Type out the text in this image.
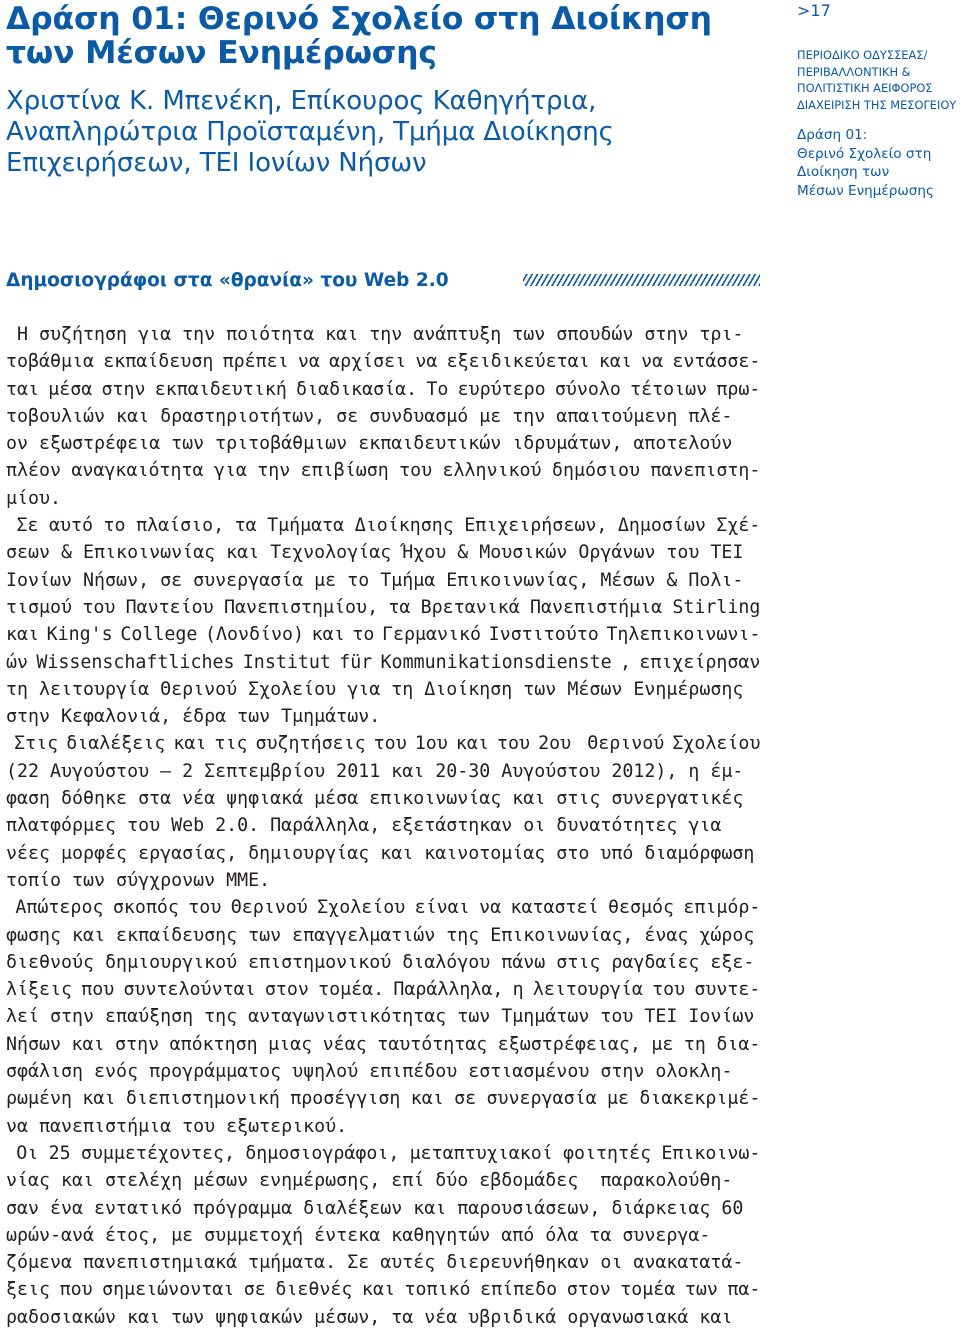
Δράση 01: Θερινό Σχολείο στη Διοίκηση
των Μέσων Ενημέρωσης
Χριστίνα Κ. Μπενέκη, Επίκουρος Καθηγήτρια,
Αναπληρώτρια Προϊσταμένη, Τμήμα Διοίκησης
Επιχειρήσεων, ΤΕΙ Ιονίων Νήσων
>17
ΠΕΡΙΟΔΙΚΟ ΟΔΥΣΣΕΑΣ/
ΠΕΡΙΒΑΛΛΟΝΤΙΚΗ &
ΠΟΛΙΤΙΣΤΙΚΗ ΑΕΙΦΟΡΟΣ
ΔΙΑΧΕΙΡΙΣΗ ΤΗΣ ΜΕΣΟΓΕΙΟΥ
Δράση 01:
Θερινό Σχολείο στη
Διοίκηση των
Μέσων Ενημέρωσης
Δημοσιογράφοι στα «θρανία» του Web 2.0
Η συζήτηση για την ποιότητα και την ανάπτυξη των σπουδών στην τρι-
τοβάθμια εκπαίδευση πρέπει να αρχίσει να εξειδικεύεται και να εντάσσε-
ται μέσα στην εκπαιδευτική διαδικασία. Το ευρύτερο σύνολο τέτοιων πρω-
τοβουλιών και δραστηριοτήτων, σε συνδυασμό με την απαιτούμενη πλέ-
ον εξωστρέφεια των τριτοβάθμιων εκπαιδευτικών ιδρυμάτων, αποτελούν
πλέον αναγκαιότητα για την επιβίωση του ελληνικού δημόσιου πανεπιστη-
μίου.
Σε αυτό το πλαίσιο, τα Τμήματα Διοίκησης Επιχειρήσεων, Δημοσίων Σχέ-
σεων & Επικοινωνίας και Τεχνολογίας Ήχου & Μουσικών Οργάνων του ΤΕΙ
Ιονίων Νήσων, σε συνεργασία με το Τμήμα Επικοινωνίας, Μέσων & Πολι-
τισμού του Παντείου Πανεπιστημίου, τα Βρετανικά Πανεπιστήμια Stirling
και King's College (Λονδίνο) και το Γερμανικό Ινστιτούτο Τηλεπικοινωνι-
ών Wissenschaftliches Institut für Kommunikationsdienste , επιχείρησαν
τη λειτουργία Θερινού Σχολείου για τη Διοίκηση των Μέσων Ενημέρωσης
στην Κεφαλονιά, έδρα των Τμημάτων.
Στις διαλέξεις και τις συζητήσεις του 1ου και του 2ου  Θερινού Σχολείου
(22 Αυγούστου – 2 Σεπτεμβρίου 2011 και 20-30 Αυγούστου 2012), η έμ-
φαση δόθηκε στα νέα ψηφιακά μέσα επικοινωνίας και στις συνεργατικές
πλατφόρμες του Web 2.0. Παράλληλα, εξετάστηκαν οι δυνατότητες για
νέες μορφές εργασίας, δημιουργίας και καινοτομίας στο υπό διαμόρφωση
τοπίο των σύγχρονων ΜΜΕ.
Απώτερος σκοπός του Θερινού Σχολείου είναι να καταστεί θεσμός επιμόρ-
φωσης και εκπαίδευσης των επαγγελματιών της Επικοινωνίας, ένας χώρος
διεθνούς δημιουργικού επιστημονικού διαλόγου πάνω στις ραγδαίες εξε-
λίξεις που συντελούνται στον τομέα. Παράλληλα, η λειτουργία του συντε-
λεί στην επαύξηση της ανταγωνιστικότητας των Τμημάτων του ΤΕΙ Ιονίων
Νήσων και στην απόκτηση μιας νέας ταυτότητας εξωστρέφειας, με τη δια-
σφάλιση ενός προγράμματος υψηλού επιπέδου εστιασμένου στην ολοκλη-
ρωμένη και διεπιστημονική προσέγγιση και σε συνεργασία με διακεκριμέ-
να πανεπιστήμια του εξωτερικού.
Οι 25 συμμετέχοντες, δημοσιογράφοι, μεταπτυχιακοί φοιτητές Επικοινω-
νίας και στελέχη μέσων ενημέρωσης, επί δύο εβδομάδες  παρακολούθη-
σαν ένα εντατικό πρόγραμμα διαλέξεων και παρουσιάσεων, διάρκειας 60
ωρών-ανά έτος, με συμμετοχή έντεκα καθηγητών από όλα τα συνεργα-
ζόμενα πανεπιστημιακά τμήματα. Σε αυτές διερευνήθηκαν οι ανακατατά-
ξεις που σημειώνονται σε διεθνές και τοπικό επίπεδο στον τομέα των πα-
ραδοσιακών και των ψηφιακών μέσων, τα νέα υβριδικά οργανωσιακά και
